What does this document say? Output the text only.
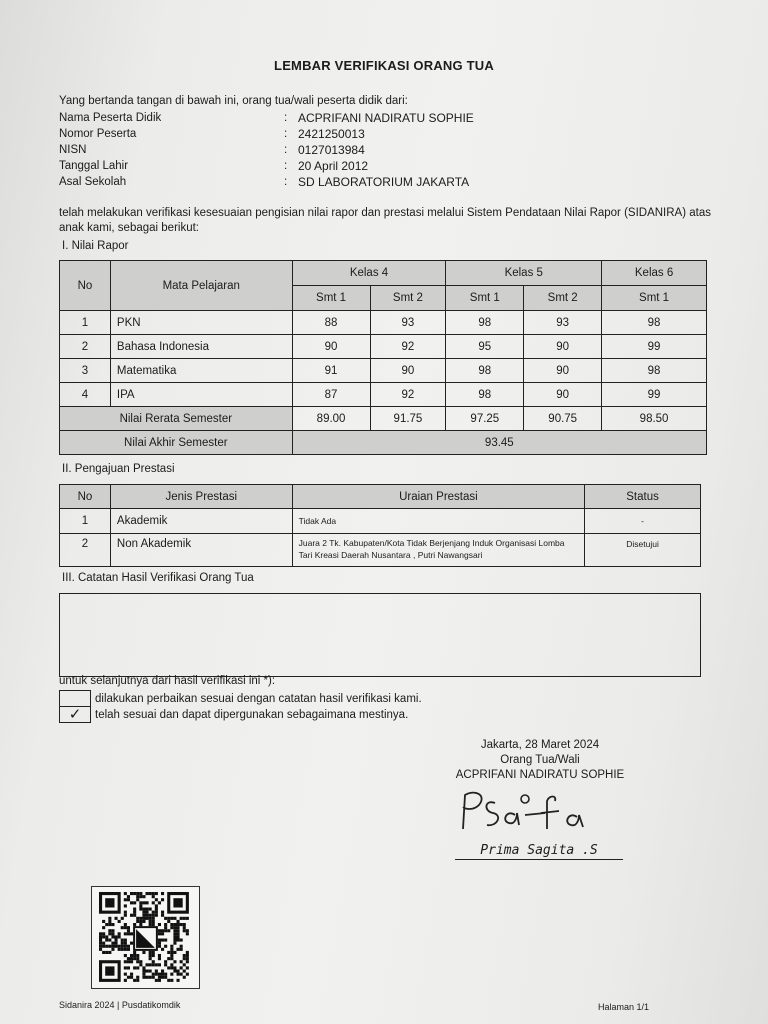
LEMBAR VERIFIKASI ORANG TUA
Yang bertanda tangan di bawah ini, orang tua/wali peserta didik dari:
Nama Peserta Didik	: ACPRIFANI NADIRATU SOPHIE
Nomor Peserta	: 2421250013
NISN	: 0127013984
Tanggal Lahir	: 20 April 2012
Asal Sekolah	: SD LABORATORIUM JAKARTA
telah melakukan verifikasi kesesuaian pengisian nilai rapor dan prestasi melalui Sistem Pendataan Nilai Rapor (SIDANIRA) atas anak kami, sebagai berikut:
I. Nilai Rapor
No	Mata Pelajaran	Kelas 4		Kelas 5		Kelas 6
		Smt 1	Smt 2	Smt 1	Smt 2	Smt 1
1	PKN	88	93	98	93	98
2	Bahasa Indonesia	90	92	95	90	99
3	Matematika	91	90	98	90	98
4	IPA	87	92	98	90	99
Nilai Rerata Semester		89.00	91.75	97.25	90.75	98.50
Nilai Akhir Semester		93.45				
II. Pengajuan Prestasi
No	Jenis Prestasi	Uraian Prestasi	Status
1	Akademik	Tidak Ada	-
2	Non Akademik	Juara 2 Tk. Kabupaten/Kota Tidak Berjenjang Induk Organisasi Lomba Tari Kreasi Daerah Nusantara , Putri Nawangsari	Disetujui
III. Catatan Hasil Verifikasi Orang Tua
untuk selanjutnya dari hasil verifikasi ini *):
dilakukan perbaikan sesuai dengan catatan hasil verifikasi kami.
✓	telah sesuai dan dapat dipergunakan sebagaimana mestinya.
Jakarta, 28 Maret 2024
Orang Tua/Wali
ACPRIFANI NADIRATU SOPHIE
Prima Sagita .S
Sidanira 2024 | Pusdatikomdik	Halaman 1/1
